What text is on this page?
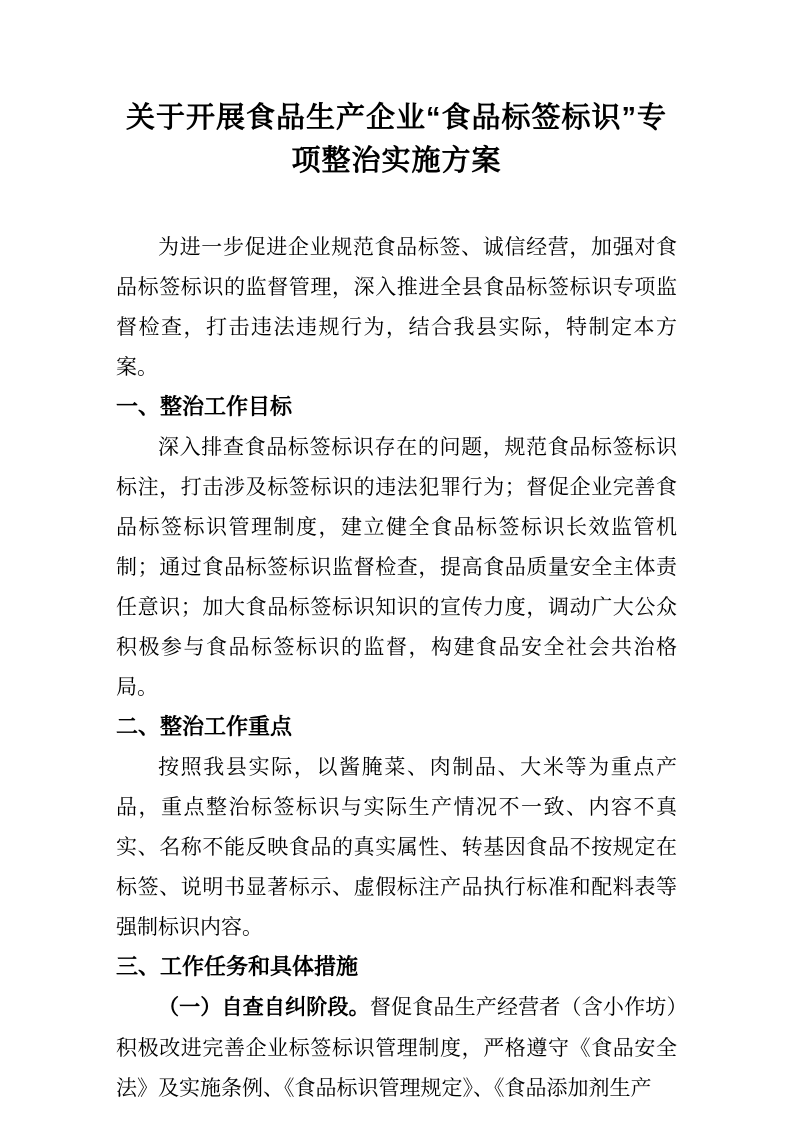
关于开展食品生产企业“食品标签标识”专项整治实施方案

为进一步促进企业规范食品标签、诚信经营，加强对食品标签标识的监督管理，深入推进全县食品标签标识专项监督检查，打击违法违规行为，结合我县实际，特制定本方案。

一、整治工作目标

深入排查食品标签标识存在的问题，规范食品标签标识标注，打击涉及标签标识的违法犯罪行为；督促企业完善食品标签标识管理制度，建立健全食品标签标识长效监管机制；通过食品标签标识监督检查，提高食品质量安全主体责任意识；加大食品标签标识知识的宣传力度，调动广大公众积极参与食品标签标识的监督，构建食品安全社会共治格局。

二、整治工作重点

按照我县实际，以酱腌菜、肉制品、大米等为重点产品，重点整治标签标识与实际生产情况不一致、内容不真实、名称不能反映食品的真实属性、转基因食品不按规定在标签、说明书显著标示、虚假标注产品执行标准和配料表等强制标识内容。

三、工作任务和具体措施

（一）自查自纠阶段。督促食品生产经营者（含小作坊）积极改进完善企业标签标识管理制度，严格遵守《食品安全法》及实施条例、《食品标识管理规定》、《食品添加剂生产
